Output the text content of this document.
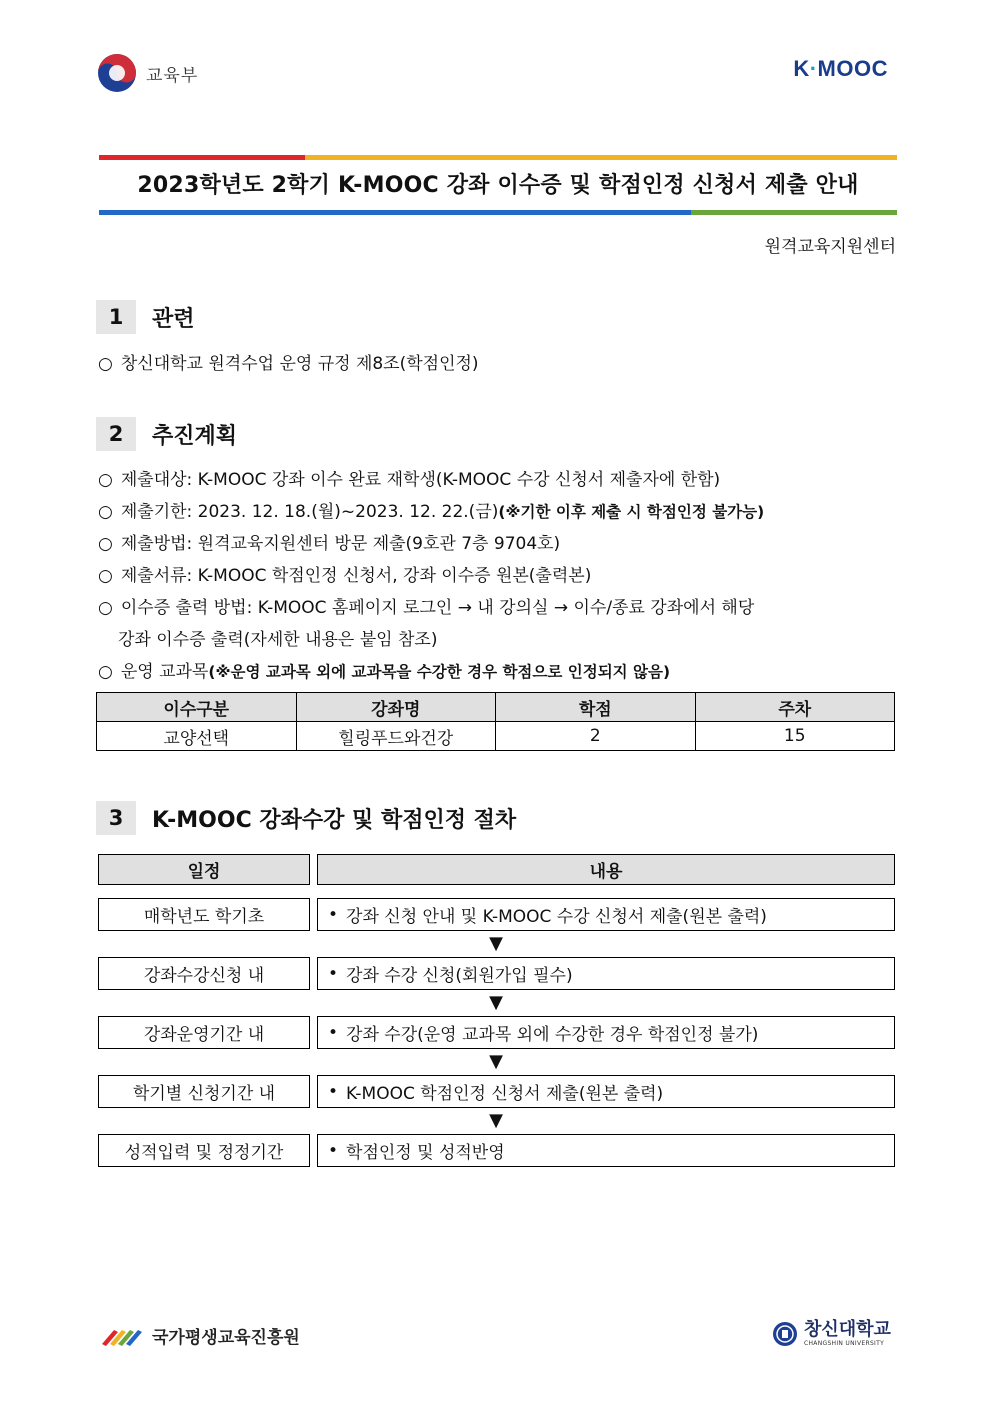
교육부	K · MOOC
2023학년도 2학기 K-MOOC 강좌 이수증 및 학점인정 신청서 제출 안내
원격교육지원센터
1	관련
○ 창신대학교 원격수업 운영 규정 제8조(학점인정)
2	추진계획
○ 제출대상: K-MOOC 강좌 이수 완료 재학생(K-MOOC 수강 신청서 제출자에 한함)
○ 제출기한: 2023. 12. 18.(월)~2023. 12. 22.(금)(※기한 이후 제출 시 학점인정 불가능)
○ 제출방법: 원격교육지원센터 방문 제출(9호관 7층 9704호)
○ 제출서류: K-MOOC 학점인정 신청서, 강좌 이수증 원본(출력본)
○ 이수증 출력 방법: K-MOOC 홈페이지 로그인 → 내 강의실 → 이수/종료 강좌에서 해당
강좌 이수증 출력(자세한 내용은 붙임 참조)
○ 운영 교과목(※운영 교과목 외에 교과목을 수강한 경우 학점으로 인정되지 않음)
이수구분	강좌명	학점	주차
교양선택	힐링푸드와건강	2	15
3	K-MOOC 강좌수강 및 학점인정 절차
일정	내용
매학년도 학기초	• 강좌 신청 안내 및 K-MOOC 수강 신청서 제출(원본 출력)
▼
강좌수강신청 내	• 강좌 수강 신청(회원가입 필수)
▼
강좌운영기간 내	• 강좌 수강(운영 교과목 외에 수강한 경우 학점인정 불가)
▼
학기별 신청기간 내	• K-MOOC 학점인정 신청서 제출(원본 출력)
▼
성적입력 및 정정기간	• 학점인정 및 성적반영
국가평생교육진흥원	창신대학교
CHANGSHIN UNIVERSITY
